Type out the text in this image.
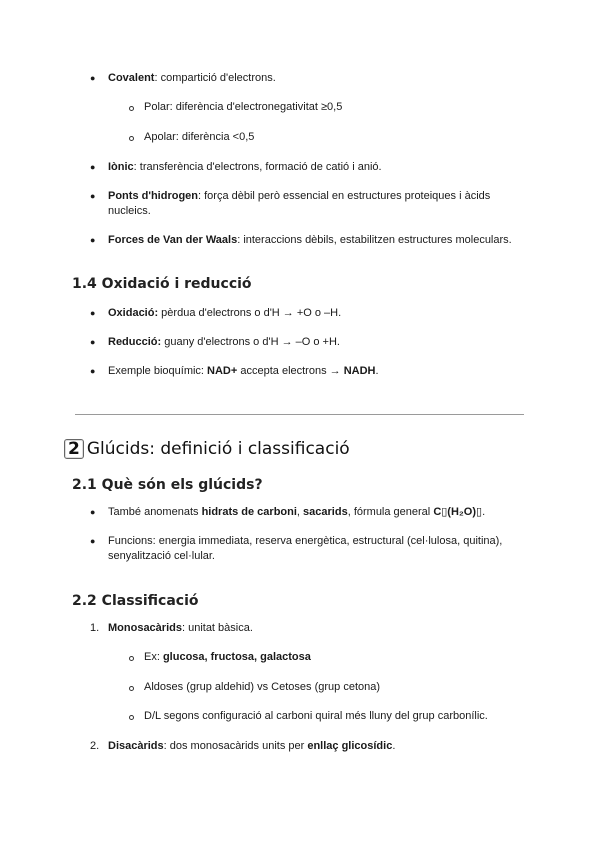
● Covalent: compartició d'electrons.
Polar: diferència d'electronegativitat ≥0,5
Apolar: diferència <0,5
● Iònic: transferència d'electrons, formació de catió i anió.
● Ponts d'hidrogen: força dèbil però essencial en estructures proteiques i àcids
nucleics.
● Forces de Van der Waals: interaccions dèbils, estabilitzen estructures moleculars.
1.4 Oxidació i reducció
● Oxidació: pèrdua d'electrons o d'H → +O o –H.
● Reducció: guany d'electrons o d'H → –O o +H.
● Exemple bioquímic: NAD+ accepta electrons → NADH.
2 Glúcids: definició i classificació
2.1 Què són els glúcids?
● També anomenats hidrats de carboni, sacarids, fórmula general C▯(H₂O)▯.
● Funcions: energia immediata, reserva energètica, estructural (cel·lulosa, quitina),
senyalització cel·lular.
2.2 Classificació
1. Monosacàrids: unitat bàsica.
Ex: glucosa, fructosa, galactosa
Aldoses (grup aldehid) vs Cetoses (grup cetona)
D/L segons configuració al carboni quiral més lluny del grup carbonílic.
2. Disacàrids: dos monosacàrids units per enllaç glicosídic.
